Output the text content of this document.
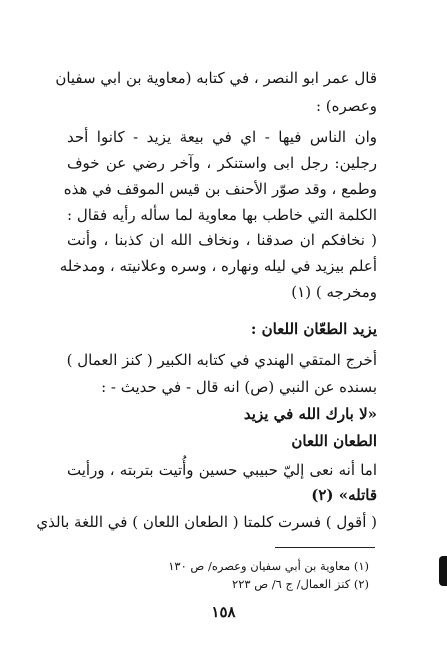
قال عمر ابو النصر ، في كتابه (معاوية بن ابي سفيان
وعصره) :
وان الناس فيها - اي في بيعة يزيد - كانوا أحد
رجلين: رجل ابى واستنكر ، وآخر رضي عن خوف
وطمع ، وقد صوّر الأحنف بن قيس الموقف في هذه
الكلمة التي خاطب بها معاوية لما سأله رأيه فقال :
( نخافكم ان صدقنا ، ونخاف الله ان كذبنا ، وأنت
أعلم بيزيد في ليله ونهاره ، وسره وعلانيته ، ومدخله
ومخرجه ) (١)
يزيد الطعّان اللعان :
أخرج المتقي الهندي في كتابه الكبير ( كنز العمال )
بسنده عن النبي (ص) انه قال - في حديث - :
«لا بارك الله في يزيد
الطعان اللعان
اما أنه نعى إليّ حبيبي حسين وأُتيت بتربته ، ورأيت
قاتله» (٢)
( أقول ) فسرت كلمتا ( الطعان اللعان ) في اللغة بالذي
(١) معاوية بن أبي سفيان وعصره/ ص ١٣٠
(٢) كنز العمال/ ج ٦/ ص ٢٢٣
١٥٨
